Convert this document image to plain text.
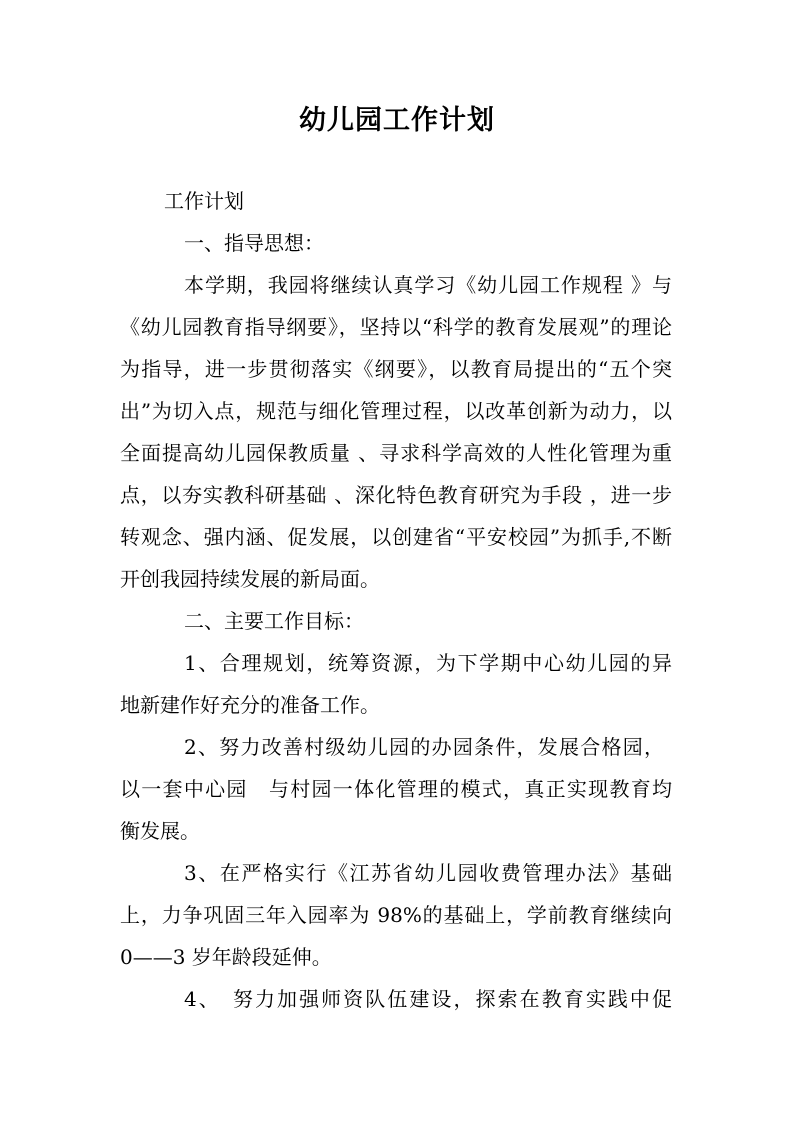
幼儿园工作计划
工作计划
一、指导思想：
本学期，我园将继续认真学习《幼儿园工作规程 》与
《幼儿园教育指导纲要》，坚持以“科学的教育发展观”的理论
为指导，进一步贯彻落实《纲要》，以教育局提出的“五个突
出”为切入点，规范与细化管理过程，以改革创新为动力，以
全面提高幼儿园保教质量 、寻求科学高效的人性化管理为重
点，以夯实教科研基础 、深化特色教育研究为手段 ，进一步
转观念、强内涵、促发展，以创建省“平安校园”为抓手,不断
开创我园持续发展的新局面。
二、主要工作目标：
1、合理规划，统筹资源，为下学期中心幼儿园的异
地新建作好充分的准备工作。
2、努力改善村级幼儿园的办园条件，发展合格园，
以一套中心园　与村园一体化管理的模式，真正实现教育均
衡发展。
3、在严格实行《江苏省幼儿园收费管理办法》基础
上，力争巩固三年入园率为 98%的基础上，学前教育继续向
0——3 岁年龄段延伸。
4、　努力加强师资队伍建设，探索在教育实践中促
